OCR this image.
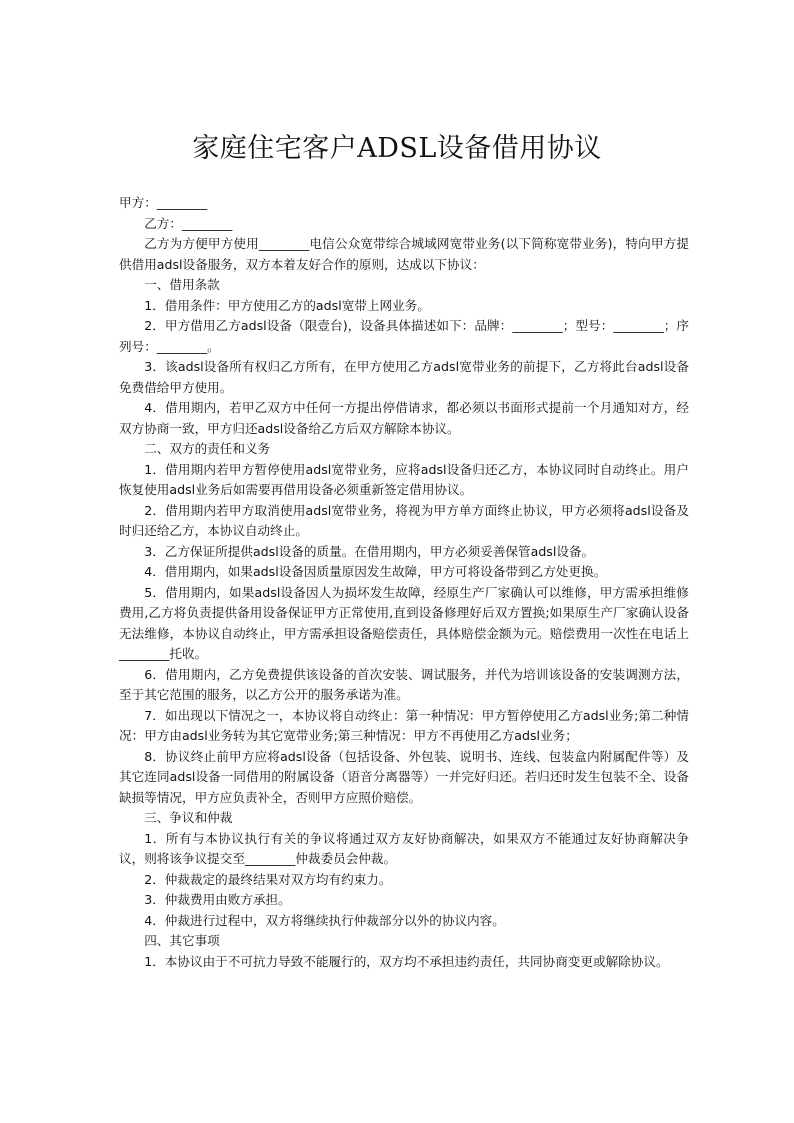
家庭住宅客户ADSL设备借用协议

甲方：________

乙方：________

乙方为方便甲方使用________电信公众宽带综合城域网宽带业务(以下简称宽带业务)，特向甲方提供借用adsl设备服务，双方本着友好合作的原则，达成以下协议：

一、借用条款

1．借用条件：甲方使用乙方的adsl宽带上网业务。

2．甲方借用乙方adsl设备（限壹台)，设备具体描述如下：品牌：________；型号：________；序列号：________。

3．该adsl设备所有权归乙方所有，在甲方使用乙方adsl宽带业务的前提下，乙方将此台adsl设备免费借给甲方使用。

4．借用期内，若甲乙双方中任何一方提出停借请求，都必须以书面形式提前一个月通知对方，经双方协商一致，甲方归还adsl设备给乙方后双方解除本协议。

二、双方的责任和义务

1．借用期内若甲方暂停使用adsl宽带业务，应将adsl设备归还乙方，本协议同时自动终止。用户恢复使用adsl业务后如需要再借用设备必须重新签定借用协议。

2．借用期内若甲方取消使用adsl宽带业务，将视为甲方单方面终止协议，甲方必须将adsl设备及时归还给乙方，本协议自动终止。

3．乙方保证所提供adsl设备的质量。在借用期内，甲方必须妥善保管adsl设备。

4．借用期内，如果adsl设备因质量原因发生故障，甲方可将设备带到乙方处更换。

5．借用期内，如果adsl设备因人为损坏发生故障，经原生产厂家确认可以维修，甲方需承担维修费用,乙方将负责提供备用设备保证甲方正常使用,直到设备修理好后双方置换;如果原生产厂家确认设备无法维修，本协议自动终止，甲方需承担设备赔偿责任，具体赔偿金额为元。赔偿费用一次性在电话上________托收。

6．借用期内，乙方免费提供该设备的首次安装、调试服务，并代为培训该设备的安装调测方法，至于其它范围的服务，以乙方公开的服务承诺为准。

7．如出现以下情况之一，本协议将自动终止：第一种情况：甲方暂停使用乙方adsl业务;第二种情况：甲方由adsl业务转为其它宽带业务;第三种情况：甲方不再使用乙方adsl业务；

8．协议终止前甲方应将adsl设备（包括设备、外包装、说明书、连线、包装盒内附属配件等）及其它连同adsl设备一同借用的附属设备（语音分离器等）一并完好归还。若归还时发生包装不全、设备缺损等情况，甲方应负责补全，否则甲方应照价赔偿。

三、争议和仲裁

1．所有与本协议执行有关的争议将通过双方友好协商解决，如果双方不能通过友好协商解决争议，则将该争议提交至________仲裁委员会仲裁。

2．仲裁裁定的最终结果对双方均有约束力。

3．仲裁费用由败方承担。

4．仲裁进行过程中，双方将继续执行仲裁部分以外的协议内容。

四、其它事项

1．本协议由于不可抗力导致不能履行的，双方均不承担违约责任，共同协商变更或解除协议。
